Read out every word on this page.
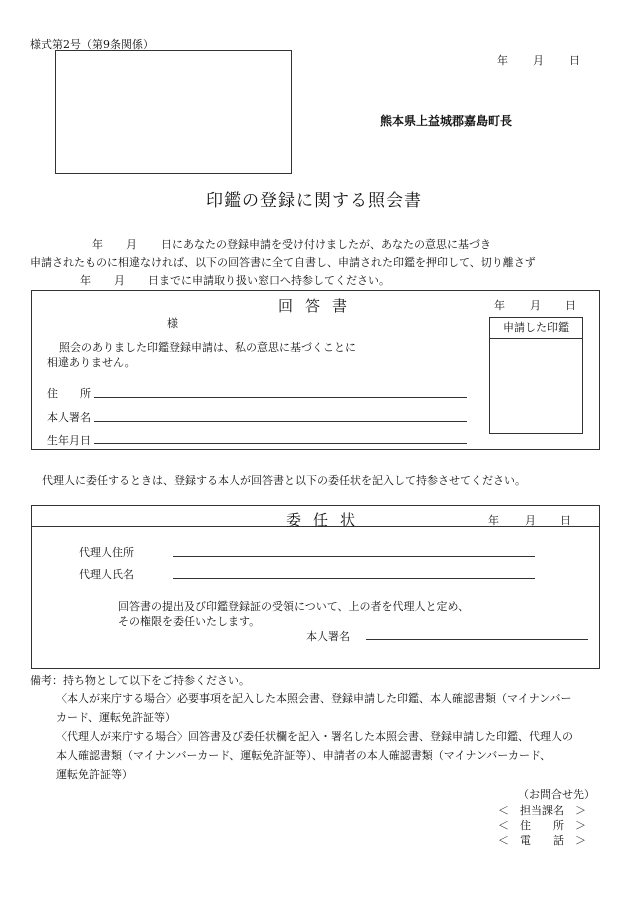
様式第2号（第9条関係）
年 月 日
熊本県上益城郡嘉島町長
印鑑の登録に関する照会書
年 月 日にあなたの登録申請を受け付けましたが、あなたの意思に基づき
申請されたものに相違なければ、以下の回答書に全て自書し、申請された印鑑を押印して、切り離さず
年 月 日までに申請取り扱い窓口へ持参してください。
回答書	年 月 日
様	申請した印鑑
照会のありました印鑑登録申請は、私の意思に基づくことに
相違ありません。
住　　所
本人署名
生年月日
代理人に委任するときは、登録する本人が回答書と以下の委任状を記入して持参させてください。
委任状	年 月 日
代理人住所
代理人氏名
回答書の提出及び印鑑登録証の受領について、上の者を代理人と定め、
その権限を委任いたします。
本人署名
備考：持ち物として以下をご持参ください。
〈本人が来庁する場合〉必要事項を記入した本照会書、登録申請した印鑑、本人確認書類（マイナンバー
カード、運転免許証等）
〈代理人が来庁する場合〉回答書及び委任状欄を記入・署名した本照会書、登録申請した印鑑、代理人の
本人確認書類（マイナンバーカード、運転免許証等）、申請者の本人確認書類（マイナンバーカード、
運転免許証等）
（お問合せ先）
＜　担当課名　＞
＜　住　　所　＞
＜　電　　話　＞
